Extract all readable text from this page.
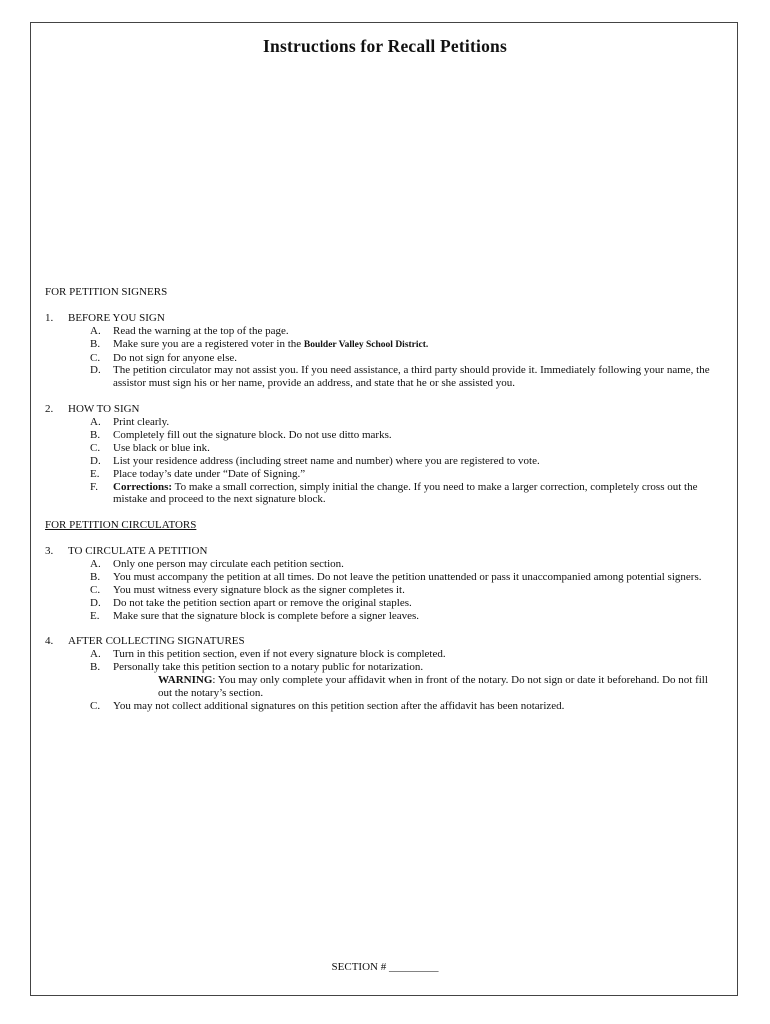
Instructions for Recall Petitions
FOR PETITION SIGNERS
1.	BEFORE YOU SIGN
A.	Read the warning at the top of the page.
B.	Make sure you are a registered voter in the Boulder Valley School District.
C.	Do not sign for anyone else.
D.	The petition circulator may not assist you. If you need assistance, a third party should provide it. Immediately following your name, the assistor must sign his or her name, provide an address, and state that he or she assisted you.
2.	HOW TO SIGN
A.	Print clearly.
B.	Completely fill out the signature block. Do not use ditto marks.
C.	Use black or blue ink.
D.	List your residence address (including street name and number) where you are registered to vote.
E.	Place today’s date under “Date of Signing.”
F.	Corrections: To make a small correction, simply initial the change. If you need to make a larger correction, completely cross out the mistake and proceed to the next signature block.
FOR PETITION CIRCULATORS
3.	TO CIRCULATE A PETITION
A.	Only one person may circulate each petition section.
B.	You must accompany the petition at all times. Do not leave the petition unattended or pass it unaccompanied among potential signers.
C.	You must witness every signature block as the signer completes it.
D.	Do not take the petition section apart or remove the original staples.
E.	Make sure that the signature block is complete before a signer leaves.
4.	AFTER COLLECTING SIGNATURES
A.	Turn in this petition section, even if not every signature block is completed.
B.	Personally take this petition section to a notary public for notarization.
WARNING: You may only complete your affidavit when in front of the notary. Do not sign or date it beforehand. Do not fill out the notary’s section.
C.	You may not collect additional signatures on this petition section after the affidavit has been notarized.
SECTION # _________
